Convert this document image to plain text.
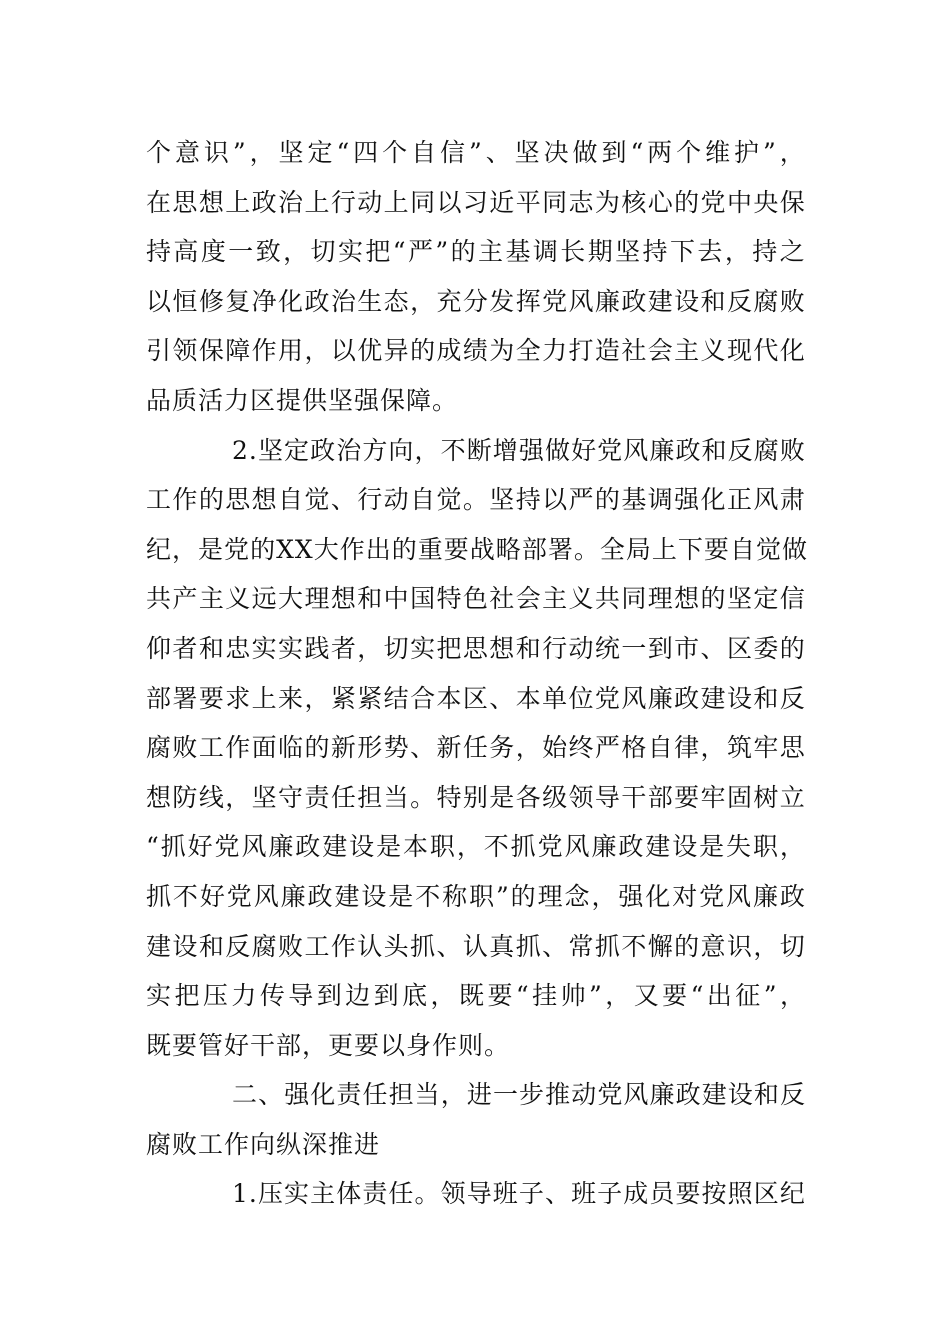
个 意 识 ” ， 坚 定 “ 四 个 自 信 ” 、 坚 决 做 到 “ 两 个 维 护 ” ，
在 思 想 上 政 治 上 行 动 上 同 以 习 近 平 同 志 为 核 心 的 党 中 央 保
持 高 度 一 致 ， 切 实 把 “ 严 ” 的 主 基 调 长 期 坚 持 下 去 ， 持 之
以 恒 修 复 净 化 政 治 生 态 ， 充 分 发 挥 党 风 廉 政 建 设 和 反 腐 败
引 领 保 障 作 用 ， 以 优 异 的 成 绩 为 全 力 打 造 社 会 主 义 现 代 化
品质活力区提供坚强保障。
2. 坚 定 政 治 方 向 ， 不 断 增 强 做 好 党 风 廉 政 和 反 腐 败
工 作 的 思 想 自 觉 、 行 动 自 觉 。 坚 持 以 严 的 基 调 强 化 正 风 肃
纪 ， 是 党 的 XX 大 作 出 的 重 要 战 略 部 署 。 全 局 上 下 要 自 觉 做
共 产 主 义 远 大 理 想 和 中 国 特 色 社 会 主 义 共 同 理 想 的 坚 定 信
仰 者 和 忠 实 实 践 者 ， 切 实 把 思 想 和 行 动 统 一 到 市 、 区 委 的
部 署 要 求 上 来 ， 紧 紧 结 合 本 区 、 本 单 位 党 风 廉 政 建 设 和 反
腐 败 工 作 面 临 的 新 形 势 、 新 任 务 ， 始 终 严 格 自 律 ， 筑 牢 思
想 防 线 ， 坚 守 责 任 担 当 。 特 别 是 各 级 领 导 干 部 要 牢 固 树 立
“ 抓 好 党 风 廉 政 建 设 是 本 职 ， 不 抓 党 风 廉 政 建 设 是 失 职 ，
抓 不 好 党 风 廉 政 建 设 是 不 称 职 ” 的 理 念 ， 强 化 对 党 风 廉 政
建 设 和 反 腐 败 工 作 认 头 抓 、 认 真 抓 、 常 抓 不 懈 的 意 识 ， 切
实 把 压 力 传 导 到 边 到 底 ， 既 要 “ 挂 帅 ” ， 又 要 “ 出 征 ” ，
既要管好干部，更要以身作则。
二 、 强 化 责 任 担 当 ， 进 一 步 推 动 党 风 廉 政 建 设 和 反
腐败工作向纵深推进
1. 压 实 主 体 责 任 。 领 导 班 子 、 班 子 成 员 要 按 照 区 纪
